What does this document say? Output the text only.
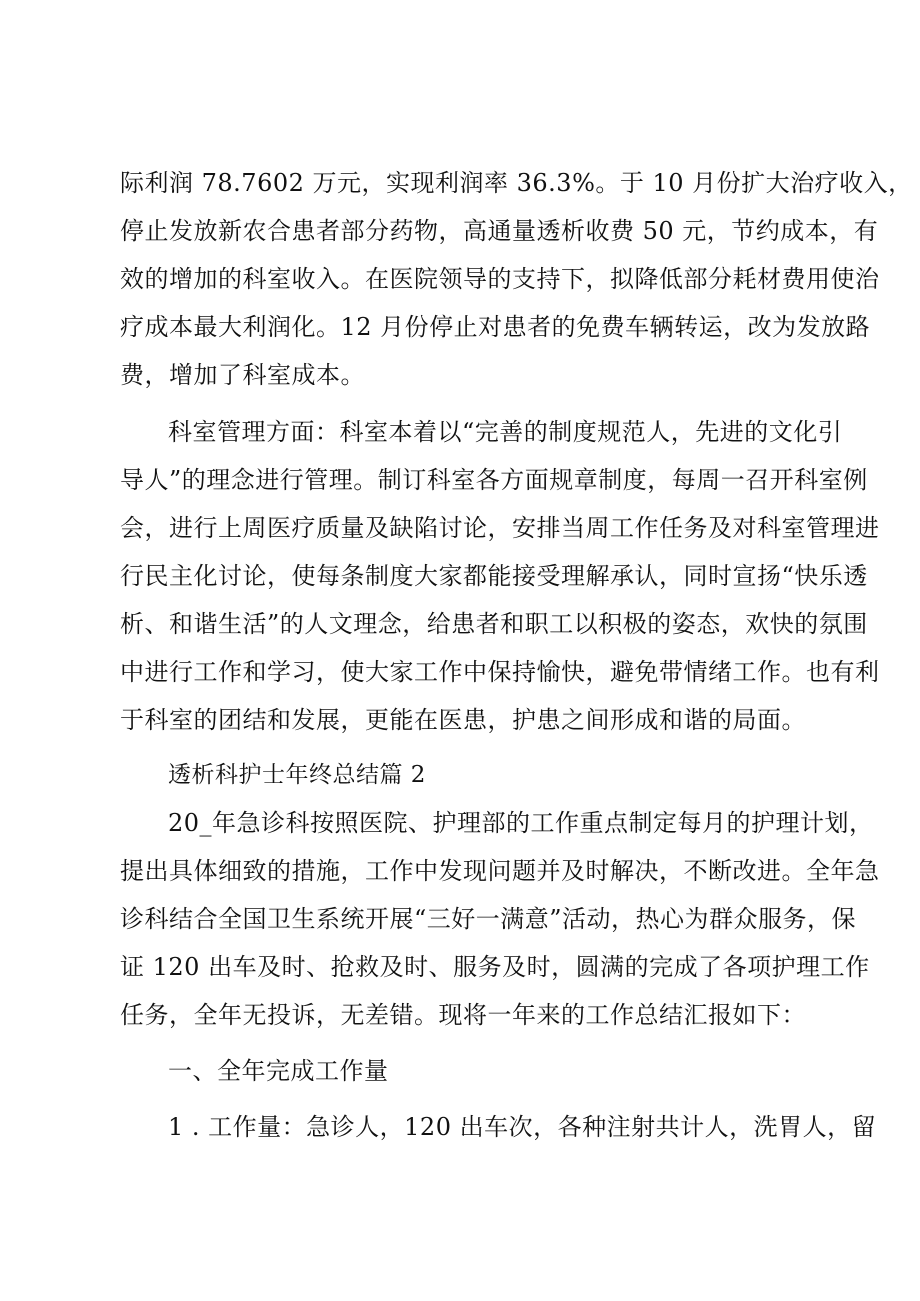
际利润 78.7602 万元，实现利润率 36.3%。于 10 月份扩大治疗收入，
停止发放新农合患者部分药物，高通量透析收费 50 元，节约成本，有
效的增加的科室收入。在医院领导的支持下，拟降低部分耗材费用使治
疗成本最大利润化。12 月份停止对患者的免费车辆转运，改为发放路
费，增加了科室成本。
科室管理方面：科室本着以“完善的制度规范人，先进的文化引
导人”的理念进行管理。制订科室各方面规章制度，每周一召开科室例
会，进行上周医疗质量及缺陷讨论，安排当周工作任务及对科室管理进
行民主化讨论，使每条制度大家都能接受理解承认，同时宣扬“快乐透
析、和谐生活”的人文理念，给患者和职工以积极的姿态，欢快的氛围
中进行工作和学习，使大家工作中保持愉快，避免带情绪工作。也有利
于科室的团结和发展，更能在医患，护患之间形成和谐的局面。
透析科护士年终总结篇 2
20_年急诊科按照医院、护理部的工作重点制定每月的护理计划，
提出具体细致的措施，工作中发现问题并及时解决，不断改进。全年急
诊科结合全国卫生系统开展“三好一满意”活动，热心为群众服务，保
证 120 出车及时、抢救及时、服务及时，圆满的完成了各项护理工作
任务，全年无投诉，无差错。现将一年来的工作总结汇报如下：
一、全年完成工作量
1 . 工作量：急诊人，120 出车次，各种注射共计人，洗胃人，留
